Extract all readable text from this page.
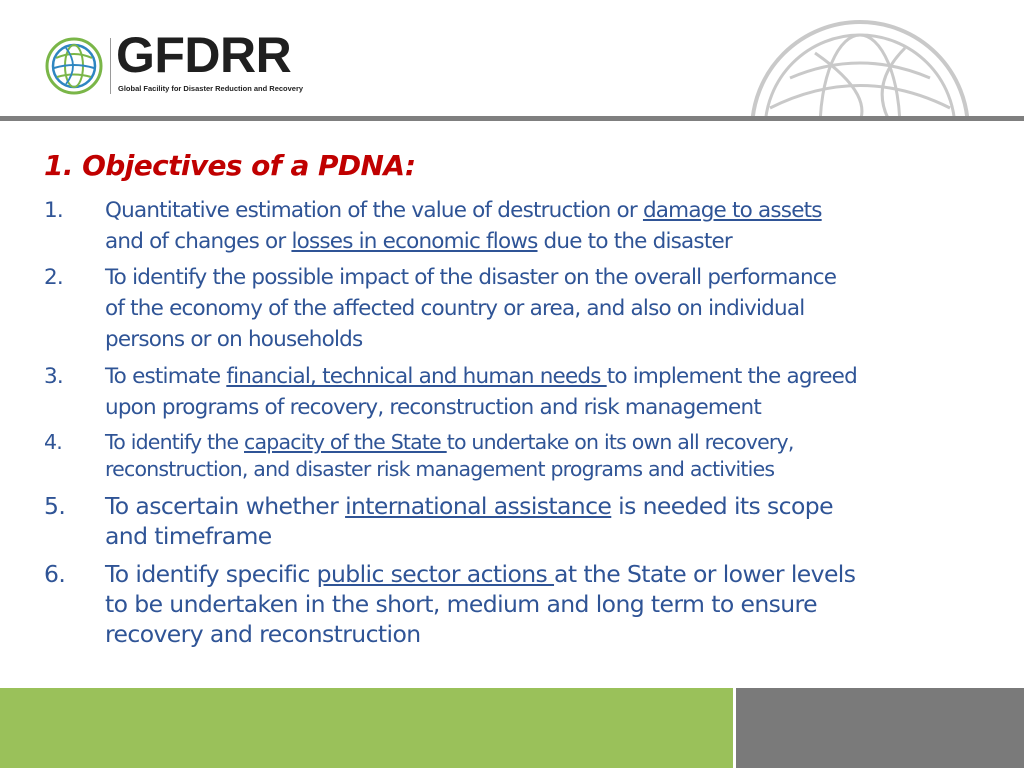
GFDRR
Global Facility for Disaster Reduction and Recovery
1. Objectives of a PDNA:
1. Quantitative estimation of the value of destruction or damage to assets

and of changes or losses in economic flows due to the disaster

2. To identify the possible impact of the disaster on the overall performance

of the economy of the affected country or area, and also on individual

persons or on households

3. To estimate financial, technical and human needs to implement the agreed

upon programs of recovery, reconstruction and risk management

4. To identify the capacity of the State to undertake on its own all recovery,

reconstruction, and disaster risk management programs and activities

5. To ascertain whether international assistance is needed its scope

and timeframe

6. To identify specific public sector actions at the State or lower levels

to be undertaken in the short, medium and long term to ensure

recovery and reconstruction
